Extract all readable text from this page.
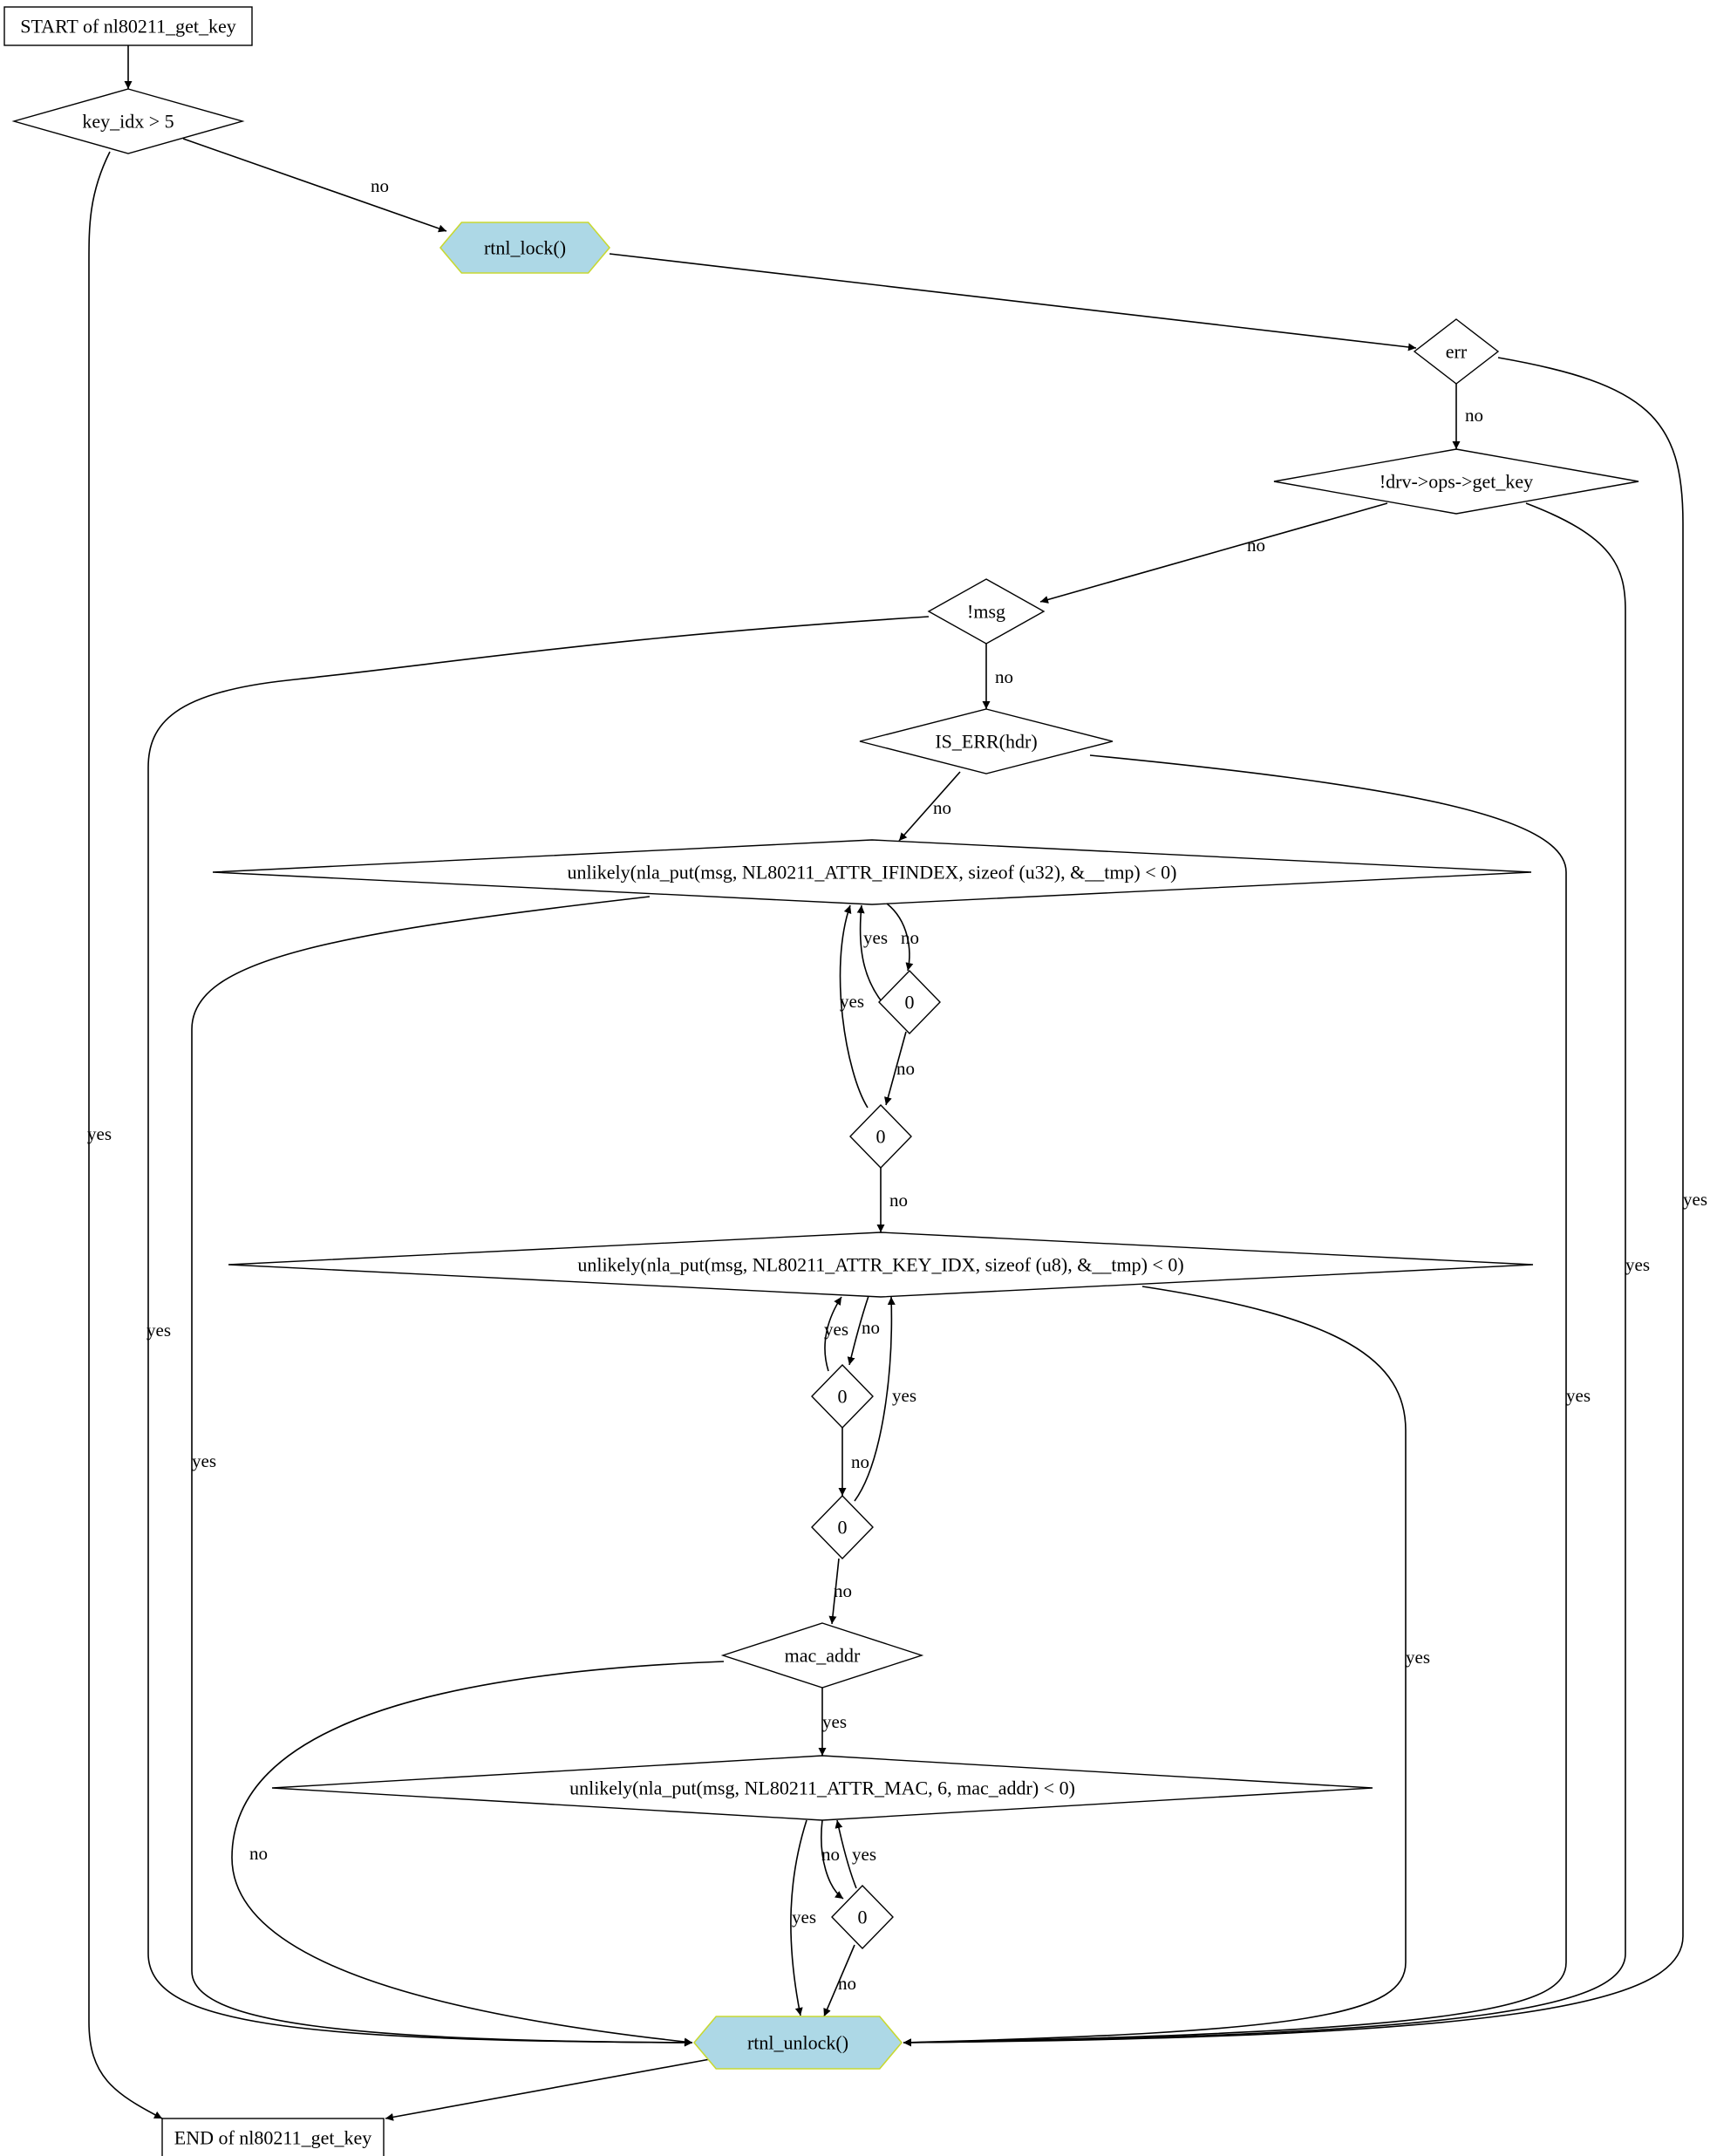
START of nl80211_get_key
key_idx > 5
rtnl_lock()
err
!drv->ops->get_key
!msg
IS_ERR(hdr)
unlikely(nla_put(msg, NL80211_ATTR_IFINDEX, sizeof (u32), &__tmp) < 0)
0
0
unlikely(nla_put(msg, NL80211_ATTR_KEY_IDX, sizeof (u8), &__tmp) < 0)
0
0
mac_addr
unlikely(nla_put(msg, NL80211_ATTR_MAC, 6, mac_addr) < 0)
0
rtnl_unlock()
END of nl80211_get_key
no
yes
no
yes
no
yes
no
yes
no
yes
no
yes
no
yes
yes
no
no
yes
no
yes
yes
no
yes
no	no yes
yes
no
